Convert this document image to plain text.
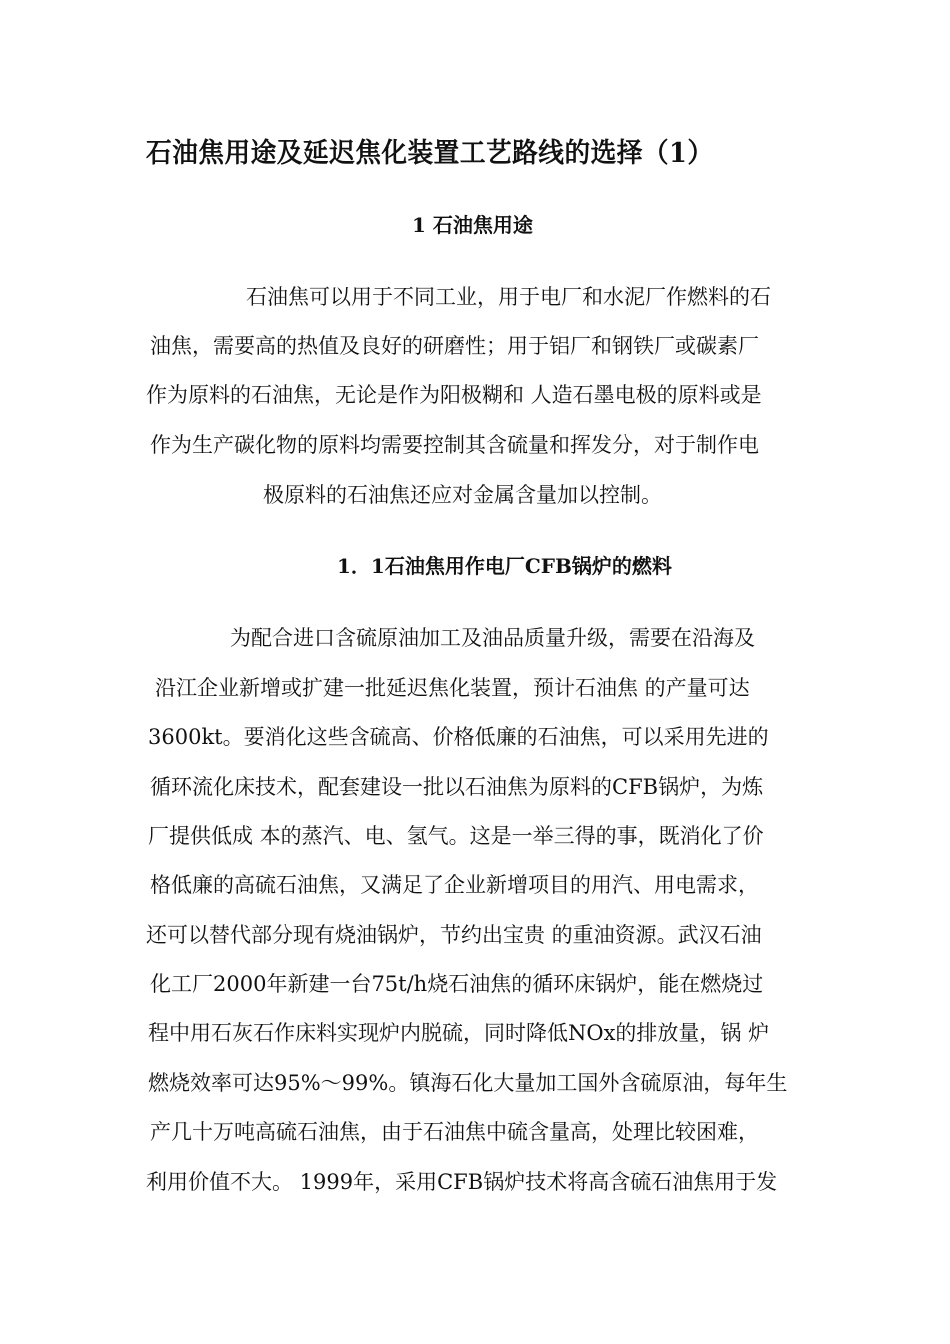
石油焦用途及延迟焦化装置工艺路线的选择（1）
1 石油焦用途
石油焦可以用于不同工业，用于电厂和水泥厂作燃料的石
油焦，需要高的热值及良好的研磨性；用于铝厂和钢铁厂或碳素厂
作为原料的石油焦，无论是作为阳极糊和 人造石墨电极的原料或是
作为生产碳化物的原料均需要控制其含硫量和挥发分，对于制作电
极原料的石油焦还应对金属含量加以控制。
1．1石油焦用作电厂CFB锅炉的燃料
为配合进口含硫原油加工及油品质量升级，需要在沿海及
沿江企业新增或扩建一批延迟焦化装置，预计石油焦 的产量可达
3600kt。要消化这些含硫高、价格低廉的石油焦，可以采用先进的
循环流化床技术，配套建设一批以石油焦为原料的CFB锅炉，为炼
厂提供低成 本的蒸汽、电、氢气。这是一举三得的事，既消化了价
格低廉的高硫石油焦，又满足了企业新增项目的用汽、用电需求，
还可以替代部分现有烧油锅炉，节约出宝贵 的重油资源。武汉石油
化工厂2000年新建一台75t/h烧石油焦的循环床锅炉，能在燃烧过
程中用石灰石作床料实现炉内脱硫，同时降低NOx的排放量，锅 炉
燃烧效率可达95%～99%。镇海石化大量加工国外含硫原油，每年生
产几十万吨高硫石油焦，由于石油焦中硫含量高，处理比较困难，
利用价值不大。 1999年，采用CFB锅炉技术将高含硫石油焦用于发
